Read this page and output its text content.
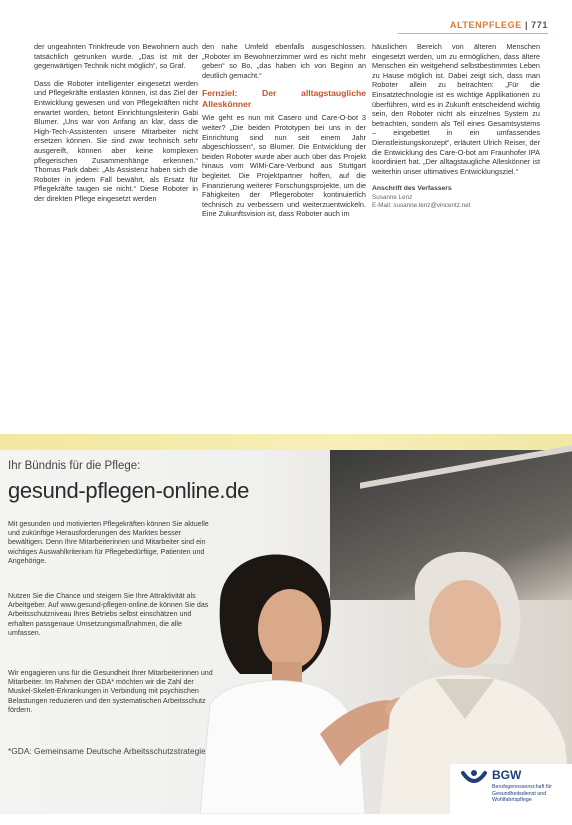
ALTENPFLEGE | 771

der ungeahnten Trinkfreude von Bewohnern auch tatsächlich getrunken wurde. „Das ist mit der gegenwärtigen Technik nicht möglich“, so Graf.

Dass die Roboter intelligenter eingesetzt werden und Pflegekräfte entlasten können, ist das Ziel der Entwicklung gewesen und von Pflegekräften nicht erwartet worden, betont Einrichtungsleiterin Gabi Blumer. „Uns war von Anfang an klar, dass die High-Tech-Assistenten unsere Mitarbeiter nicht ersetzen können. Sie sind zwar technisch sehr ausgereift, können aber keine komplexen pflegerischen Zusammenhänge erkennen.“ Thomas Park dabei: „Als Assistenz haben sich die Roboter in jedem Fall bewährt, als Ersatz für Pflegekräfte taugen sie nicht.“ Diese Roboter in der direkten Pflege eingesetzt werden

den nahe Umfeld ebenfalls ausgeschlossen. „Roboter im Bewohnerzimmer wird es nicht mehr geben“ so Bo, „das haben ich von Beginn an deutlich gemacht.“

Fernziel: Der alltagstaugliche Alleskönner

Wie geht es nun mit Casero und Care-O-bot 3 weiter? „Die beiden Prototypen bei uns in der Einrichtung sind nun seit einem Jahr abgeschlossen“, so Blumer. Die Entwicklung der beiden Roboter wurde aber auch über das Projekt hinaus vom WiMi-Care-Verbund aus Stuttgart begleitet. Die Projektpartner hoffen, auf die Finanzierung weiterer Forschungsprojekte, um die Fähigkeiten der Pflegeroboter kontinuierlich technisch zu verbessern und weiterzuentwickeln. Eine Zukunftsvision ist, dass Roboter auch im

häuslichen Bereich von älteren Menschen eingesetzt werden, um zu ermöglichen, dass ältere Menschen ein weitgehend selbstbestimmtes Leben zu Hause möglich ist. Dabei zeigt sich, dass man Roboter allein zu betrachten: „Für die Einsatztechnologie ist es wichtige Applikationen zu überführen, wird es in Zukunft entscheidend wichtig sein, den Roboter nicht als einzelnes System zu betrachten, sondern als Teil eines Gesamtsystems – eingebettet in ein umfassendes Dienstleistungskonzept“, erläutert Ulrich Reiser, der die Entwicklung des Care-O-bot am Fraunhofer IPA koordiniert hat. „Der alltagstaugliche Alleskönner ist weiterhin unser ultimatives Entwicklungsziel.“

Anschrift des Verfassers
Susanne Lenz
E-Mail: susanne.lenz@vincentz.net
Ihr Bündnis für die Pflege:
gesund-pflegen-online.de
Mit gesunden und motivierten Pflegekräften können Sie aktuelle und zukünftige Herausforderungen des Marktes besser bewältigen. Denn Ihre Mitarbeiterinnen und Mitarbeiter sind ein wichtiges Auswahlkriterium für Pflegebedürftige, Patienten und Angehörige.
Nutzen Sie die Chance und steigern Sie Ihre Attraktivität als Arbeitgeber. Auf www.gesund-pflegen-online.de können Sie das Arbeitsschutzniveau Ihres Betriebs selbst einschätzen und erhalten passgenaue Umsetzungsmaßnahmen, die alle umfassen.
Wir engagieren uns für die Gesundheit Ihrer Mitarbeiterinnen und Mitarbeiter. Im Rahmen der GDA* möchten wir die Zahl der Muskel-Skelett-Erkrankungen in Verbindung mit psychischen Belastungen reduzieren und den systematischen Arbeitsschutz fördern.
*GDA: Gemeinsame Deutsche Arbeitsschutzstrategie
BGW
Berufsgenossenschaft für Gesundheitsdienst und Wohlfahrtspflege
